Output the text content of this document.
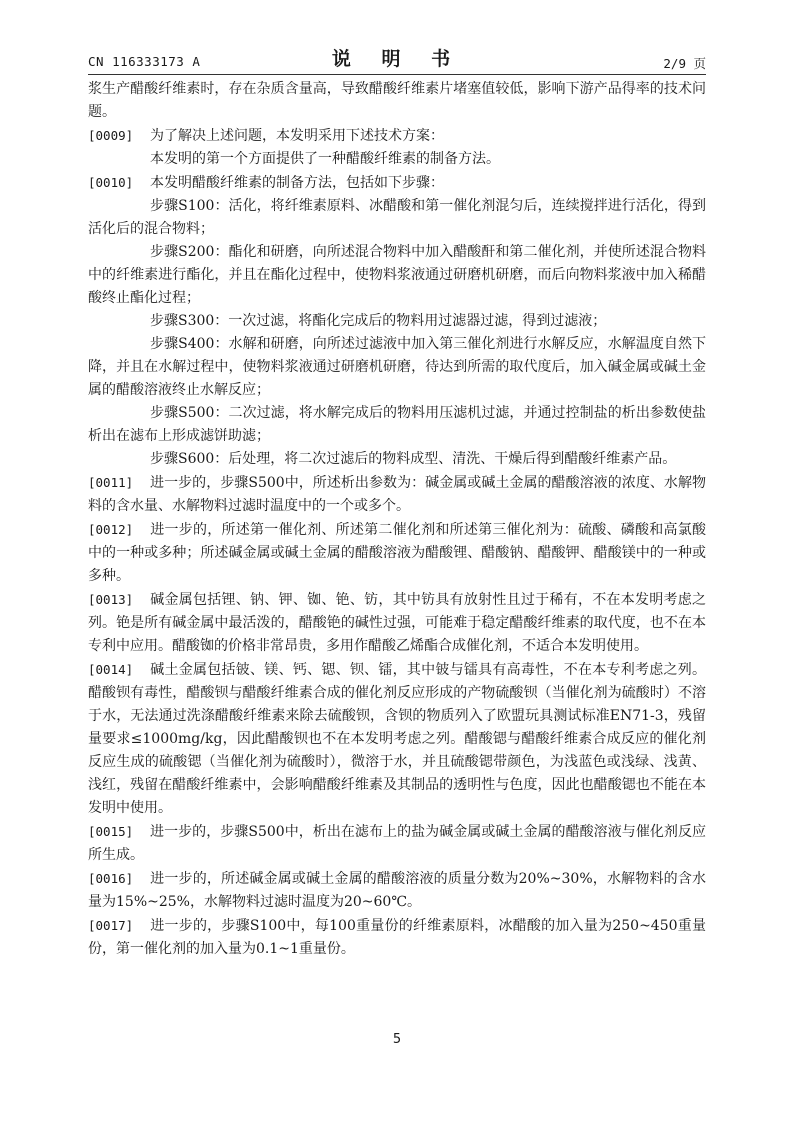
CN 116333173 A	说 明 书	2/9 页

浆生产醋酸纤维素时，存在杂质含量高，导致醋酸纤维素片堵塞值较低，影响下游产品得率的技术问题。

[0009] 为了解决上述问题，本发明采用下述技术方案：

本发明的第一个方面提供了一种醋酸纤维素的制备方法。

[0010] 本发明醋酸纤维素的制备方法，包括如下步骤：

步骤S100：活化，将纤维素原料、冰醋酸和第一催化剂混匀后，连续搅拌进行活化，得到活化后的混合物料；

步骤S200：酯化和研磨，向所述混合物料中加入醋酸酐和第二催化剂，并使所述混合物料中的纤维素进行酯化，并且在酯化过程中，使物料浆液通过研磨机研磨，而后向物料浆液中加入稀醋酸终止酯化过程；

步骤S300：一次过滤，将酯化完成后的物料用过滤器过滤，得到过滤液；

步骤S400：水解和研磨，向所述过滤液中加入第三催化剂进行水解反应，水解温度自然下降，并且在水解过程中，使物料浆液通过研磨机研磨，待达到所需的取代度后，加入碱金属或碱土金属的醋酸溶液终止水解反应；

步骤S500：二次过滤，将水解完成后的物料用压滤机过滤，并通过控制盐的析出参数使盐析出在滤布上形成滤饼助滤；

步骤S600：后处理，将二次过滤后的物料成型、清洗、干燥后得到醋酸纤维素产品。

[0011] 进一步的，步骤S500中，所述析出参数为：碱金属或碱土金属的醋酸溶液的浓度、水解物料的含水量、水解物料过滤时温度中的一个或多个。

[0012] 进一步的，所述第一催化剂、所述第二催化剂和所述第三催化剂为：硫酸、磷酸和高氯酸中的一种或多种；所述碱金属或碱土金属的醋酸溶液为醋酸锂、醋酸钠、醋酸钾、醋酸镁中的一种或多种。

[0013] 碱金属包括锂、钠、钾、铷、铯、钫，其中钫具有放射性且过于稀有，不在本发明考虑之列。铯是所有碱金属中最活泼的，醋酸铯的碱性过强，可能难于稳定醋酸纤维素的取代度，也不在本专利中应用。醋酸铷的价格非常昂贵，多用作醋酸乙烯酯合成催化剂，不适合本发明使用。

[0014] 碱土金属包括铍、镁、钙、锶、钡、镭，其中铍与镭具有高毒性，不在本专利考虑之列。醋酸钡有毒性，醋酸钡与醋酸纤维素合成的催化剂反应形成的产物硫酸钡（当催化剂为硫酸时）不溶于水，无法通过洗涤醋酸纤维素来除去硫酸钡，含钡的物质列入了欧盟玩具测试标准EN71-3，残留量要求≤1000mg/kg，因此醋酸钡也不在本发明考虑之列。醋酸锶与醋酸纤维素合成反应的催化剂反应生成的硫酸锶（当催化剂为硫酸时），微溶于水，并且硫酸锶带颜色，为浅蓝色或浅绿、浅黄、浅红，残留在醋酸纤维素中，会影响醋酸纤维素及其制品的透明性与色度，因此也醋酸锶也不能在本发明中使用。

[0015] 进一步的，步骤S500中，析出在滤布上的盐为碱金属或碱土金属的醋酸溶液与催化剂反应所生成。

[0016] 进一步的，所述碱金属或碱土金属的醋酸溶液的质量分数为20%~30%，水解物料的含水量为15%~25%，水解物料过滤时温度为20~60℃。

[0017] 进一步的，步骤S100中，每100重量份的纤维素原料，冰醋酸的加入量为250~450重量份，第一催化剂的加入量为0.1~1重量份。

5
